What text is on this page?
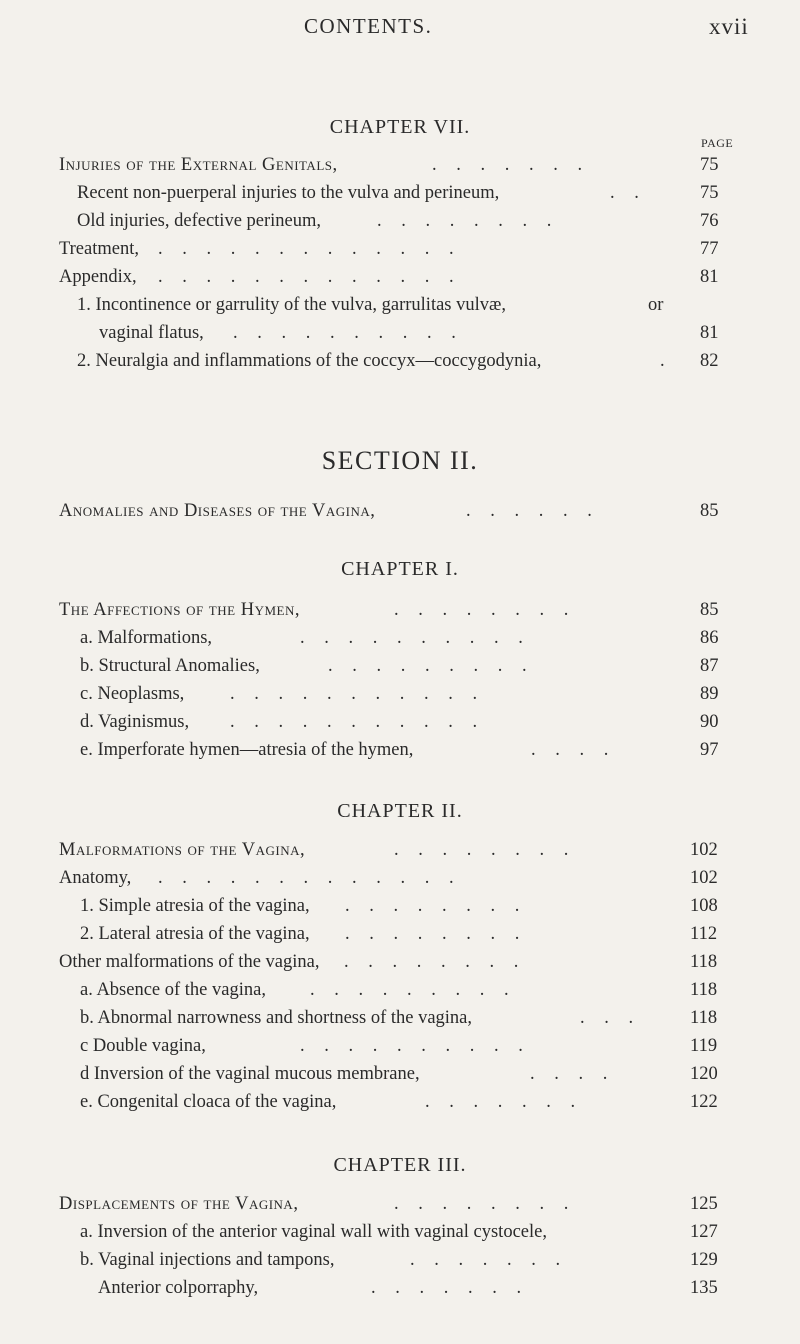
CONTENTS.	xvii
CHAPTER VII.
PAGE
Injuries of the External Genitals,	. . . . . . .	75
Recent non-puerperal injuries to the vulva and perineum,	. .	75
Old injuries, defective perineum,	. . . . . . . .	76
Treatment, . . . . . . . . . . . . .	77
Appendix, . . . . . . . . . . . . .	81
1. Incontinence or garrulity of the vulva, garrulitas vulvæ,	or
vaginal flatus, . . . . . . . . . .	81
2. Neuralgia and inflammations of the coccyx—coccygodynia,	. 82
SECTION II.
Anomalies and Diseases of the Vagina,	. . . . . .	85
CHAPTER I.
The Affections of the Hymen,	. . . . . . . .	85
a. Malformations,	. . . . . . . . . .	86
b. Structural Anomalies,	. . . . . . . . .	87
c. Neoplasms, . . . . . . . . . . .	89
d. Vaginismus, . . . . . . . . . . .	90
e. Imperforate hymen—atresia of the hymen,	. . . .	97
CHAPTER II.
Malformations of the Vagina,	. . . . . . . .	102
Anatomy, . . . . . . . . . . . . .	102
1. Simple atresia of the vagina, . . . . . . . .	108
2. Lateral atresia of the vagina, . . . . . . . .	112
Other malformations of the vagina, . . . . . . . .	118
a. Absence of the vagina, . . . . . . . . .	118
b. Abnormal narrowness and shortness of the vagina,	. . .	118
c Double vagina,	. . . . . . . . . .	119
d Inversion of the vaginal mucous membrane,	. . . .	120
e. Congenital cloaca of the vagina,	. . . . . . .	122
CHAPTER III.
Displacements of the Vagina,	. . . . . . . .	125
a. Inversion of the anterior vaginal wall with vaginal cystocele,	127
b. Vaginal injections and tampons,	. . . . . . .	129
Anterior colporraphy,	. . . . . . .	135
